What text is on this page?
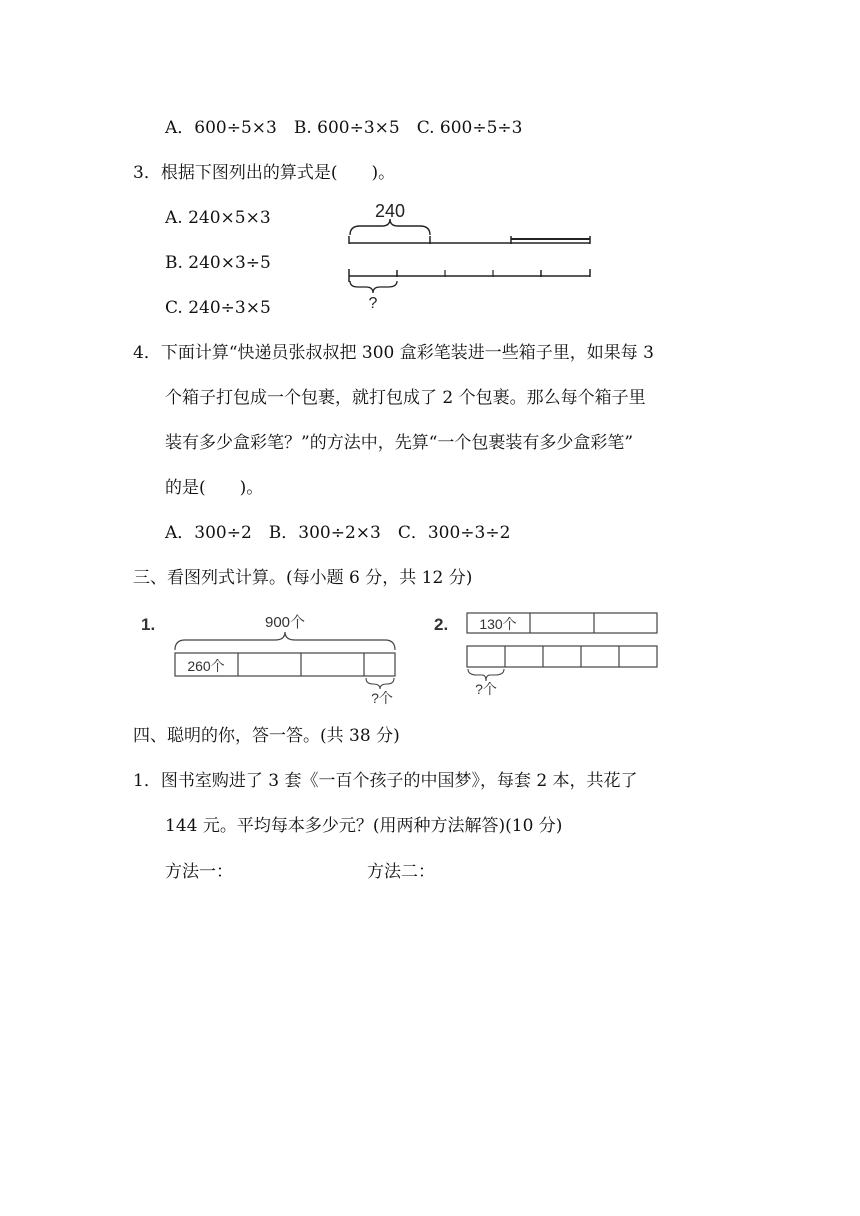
A．600÷5×3　B. 600÷3×5　C. 600÷5÷3
3．根据下图列出的算式是(　　)。
A. 240×5×3
B. 240×3÷5
C. 240÷3×5
240
?
4．下面计算“快递员张叔叔把 300 盒彩笔装进一些箱子里，如果每 3
个箱子打包成一个包裹，就打包成了 2 个包裹。那么每个箱子里
装有多少盒彩笔？”的方法中，先算“一个包裹装有多少盒彩笔”
的是(　　)。
A．300÷2　B．300÷2×3　C．300÷3÷2
三、看图列式计算。(每小题 6 分，共 12 分)
1.	900个
260个
?个
2. 130个
?个
四、聪明的你，答一答。(共 38 分)
1．图书室购进了 3 套《一百个孩子的中国梦》，每套 2 本，共花了
144 元。平均每本多少元？(用两种方法解答)(10 分)
方法一：	方法二：
